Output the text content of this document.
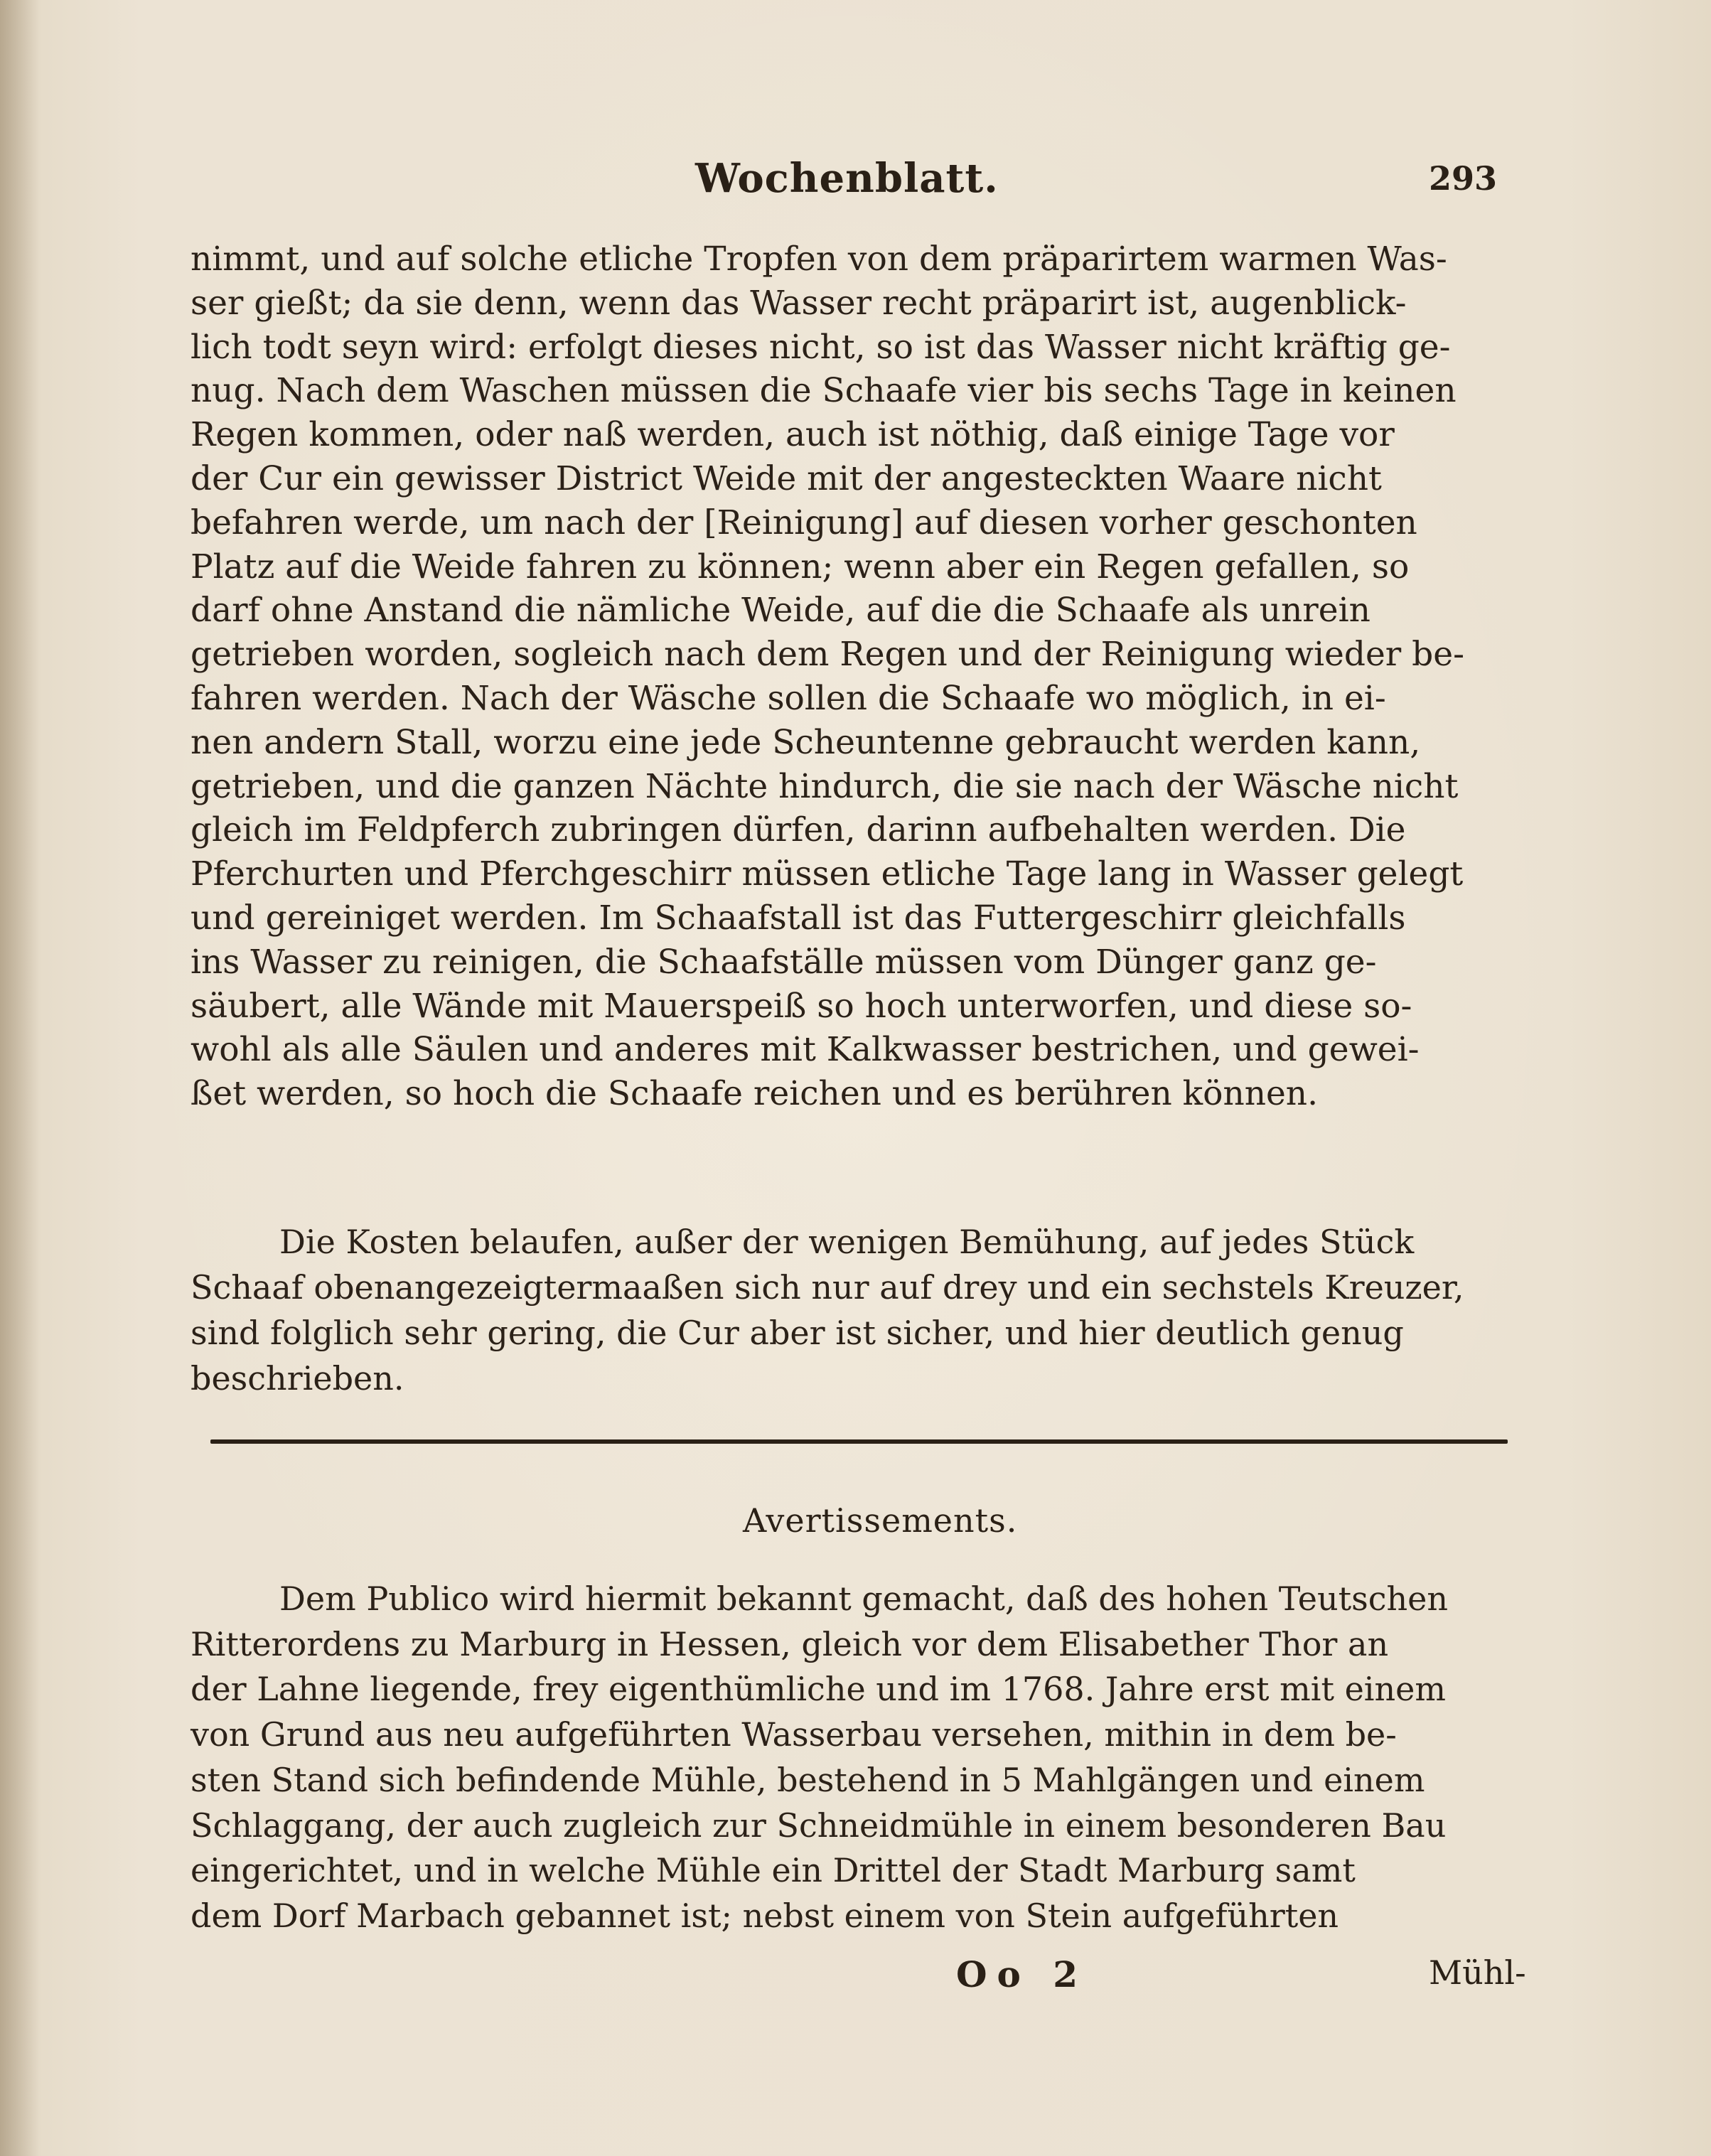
Wochenblatt.	293
nimmt, und auf solche etliche Tropfen von dem präparirtem warmen Was-
ser gießt; da sie denn, wenn das Wasser recht präparirt ist, augenblick-
lich todt seyn wird: erfolgt dieses nicht, so ist das Wasser nicht kräftig ge-
nug. Nach dem Waschen müssen die Schaafe vier bis sechs Tage in keinen
Regen kommen, oder naß werden, auch ist nöthig, daß einige Tage vor
der Cur ein gewisser District Weide mit der angesteckten Waare nicht
befahren werde, um nach der [Reinigung] auf diesen vorher geschonten
Platz auf die Weide fahren zu können; wenn aber ein Regen gefallen, so
darf ohne Anstand die nämliche Weide, auf die die Schaafe als unrein
getrieben worden, sogleich nach dem Regen und der Reinigung wieder be-
fahren werden. Nach der Wäsche sollen die Schaafe wo möglich, in ei-
nen andern Stall, worzu eine jede Scheuntenne gebraucht werden kann,
getrieben, und die ganzen Nächte hindurch, die sie nach der Wäsche nicht
gleich im Feldpferch zubringen dürfen, darinn aufbehalten werden. Die
Pferchurten und Pferchgeschirr müssen etliche Tage lang in Wasser gelegt
und gereiniget werden. Im Schaafstall ist das Futtergeschirr gleichfalls
ins Wasser zu reinigen, die Schaafställe müssen vom Dünger ganz ge-
säubert, alle Wände mit Mauerspeiß so hoch unterworfen, und diese so-
wohl als alle Säulen und anderes mit Kalkwasser bestrichen, und gewei-
ßet werden, so hoch die Schaafe reichen und es berühren können.
Die Kosten belaufen, außer der wenigen Bemühung, auf jedes Stück
Schaaf obenangezeigtermaaßen sich nur auf drey und ein sechstels Kreuzer,
sind folglich sehr gering, die Cur aber ist sicher, und hier deutlich genug
beschrieben.
Avertissements.
Dem Publico wird hiermit bekannt gemacht, daß des hohen Teutschen
Ritterordens zu Marburg in Hessen, gleich vor dem Elisabether Thor an
der Lahne liegende, frey eigenthümliche und im 1768. Jahre erst mit einem
von Grund aus neu aufgeführten Wasserbau versehen, mithin in dem be-
sten Stand sich befindende Mühle, bestehend in 5 Mahlgängen und einem
Schlaggang, der auch zugleich zur Schneidmühle in einem besonderen Bau
eingerichtet, und in welche Mühle ein Drittel der Stadt Marburg samt
dem Dorf Marbach gebannet ist; nebst einem von Stein aufgeführten
Oo 2	Mühl-
